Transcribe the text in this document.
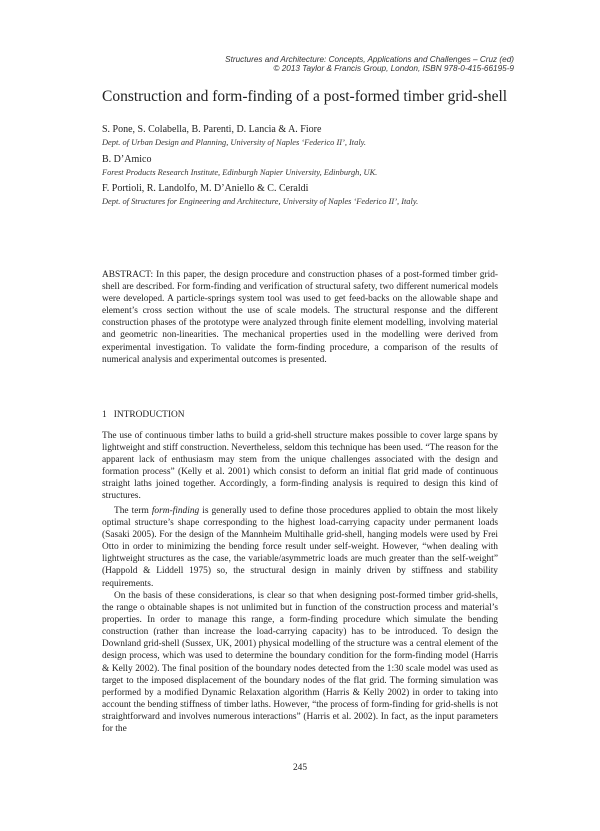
Structures and Architecture: Concepts, Applications and Challenges – Cruz (ed)
© 2013 Taylor & Francis Group, London, ISBN 978-0-415-66195-9
Construction and form-finding of a post-formed timber grid-shell
S. Pone, S. Colabella, B. Parenti, D. Lancia & A. Fiore
Dept. of Urban Design and Planning, University of Naples ‘Federico II’, Italy.
B. D’Amico
Forest Products Research Institute, Edinburgh Napier University, Edinburgh, UK.
F. Portioli, R. Landolfo, M. D’Aniello & C. Ceraldi
Dept. of Structures for Engineering and Architecture, University of Naples ‘Federico II’, Italy.

ABSTRACT: In this paper, the design procedure and construction phases of a post-formed timber grid-shell are described. For form-finding and verification of structural safety, two different numerical models were developed. A particle-springs system tool was used to get feed-backs on the allowable shape and element’s cross section without the use of scale models. The structural response and the different construction phases of the prototype were analyzed through finite element modelling, involving material and geometric non-linearities. The mechanical properties used in the modelling were derived from experimental investigation. To validate the form-finding procedure, a comparison of the results of numerical analysis and experimental outcomes is presented.

1 INTRODUCTION

The use of continuous timber laths to build a grid-shell structure makes possible to cover large spans by lightweight and stiff construction. Nevertheless, seldom this technique has been used. “The reason for the apparent lack of enthusiasm may stem from the unique challenges associated with the design and formation process” (Kelly et al. 2001) which consist to deform an initial flat grid made of continuous straight laths joined together. Accordingly, a form-finding analysis is required to design this kind of structures.

The term form-finding is generally used to define those procedures applied to obtain the most likely optimal structure’s shape corresponding to the highest load-carrying capacity under permanent loads (Sasaki 2005). For the design of the Mannheim Multihalle grid-shell, hanging models were used by Frei Otto in order to minimizing the bending force result under self-weight. However, “when dealing with lightweight structures as the case, the variable/asymmetric loads are much greater than the self-weight” (Happold & Liddell 1975) so, the structural design in mainly driven by stiffness and stability requirements.

On the basis of these considerations, is clear so that when designing post-formed timber grid-shells, the range o obtainable shapes is not unlimited but in function of the construction process and material’s properties. In order to manage this range, a form-finding procedure which simulate the bending construction (rather than increase the load-carrying capacity) has to be introduced. To design the Downland grid-shell (Sussex, UK, 2001) physical modelling of the structure was a central element of the design process, which was used to determine the boundary condition for the form-finding model (Harris & Kelly 2002). The final position of the boundary nodes detected from the 1:30 scale model was used as target to the imposed displacement of the boundary nodes of the flat grid. The forming simulation was performed by a modified Dynamic Relaxation algorithm (Harris & Kelly 2002) in order to taking into account the bending stiffness of timber laths. However, “the process of form-finding for grid-shells is not straightforward and involves numerous interactions” (Harris et al. 2002). In fact, as the input parameters for the

245
